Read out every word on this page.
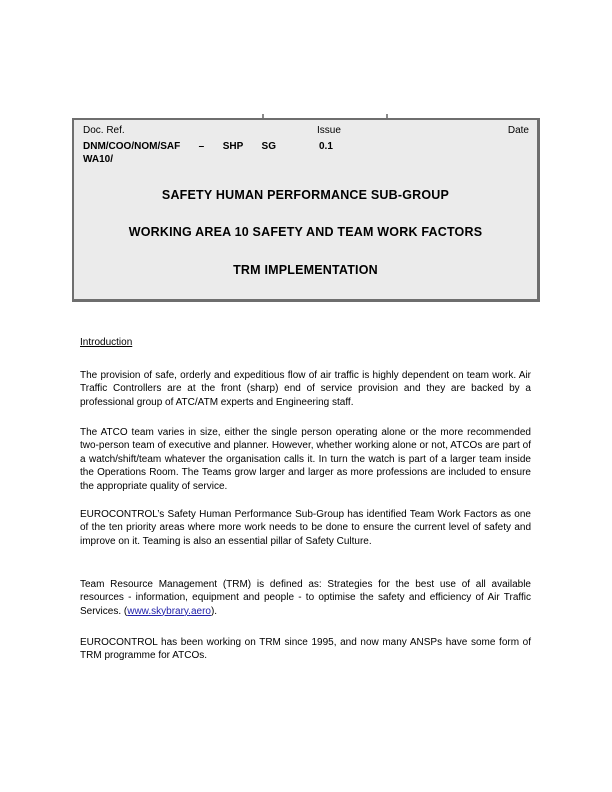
Doc. Ref.	Issue	Date
DNM/COO/NOM/SAF – SHP SG	0.1
WA10/
SAFETY HUMAN PERFORMANCE SUB-GROUP
WORKING AREA 10 SAFETY AND TEAM WORK FACTORS
TRM IMPLEMENTATION
Introduction
The provision of safe, orderly and expeditious flow of air traffic is highly dependent on team work. Air Traffic Controllers are at the front (sharp) end of service provision and they are backed by a professional group of ATC/ATM experts and Engineering staff.
The ATCO team varies in size, either the single person operating alone or the more recommended two-person team of executive and planner. However, whether working alone or not, ATCOs are part of a watch/shift/team whatever the organisation calls it. In turn the watch is part of a larger team inside the Operations Room. The Teams grow larger and larger as more professions are included to ensure the appropriate quality of service.
EUROCONTROL’s Safety Human Performance Sub-Group has identified Team Work Factors as one of the ten priority areas where more work needs to be done to ensure the current level of safety and improve on it. Teaming is also an essential pillar of Safety Culture.
Team Resource Management (TRM) is defined as: Strategies for the best use of all available resources - information, equipment and people - to optimise the safety and efficiency of Air Traffic Services. (www.skybrary.aero).
EUROCONTROL has been working on TRM since 1995, and now many ANSPs have some form of TRM programme for ATCOs.
